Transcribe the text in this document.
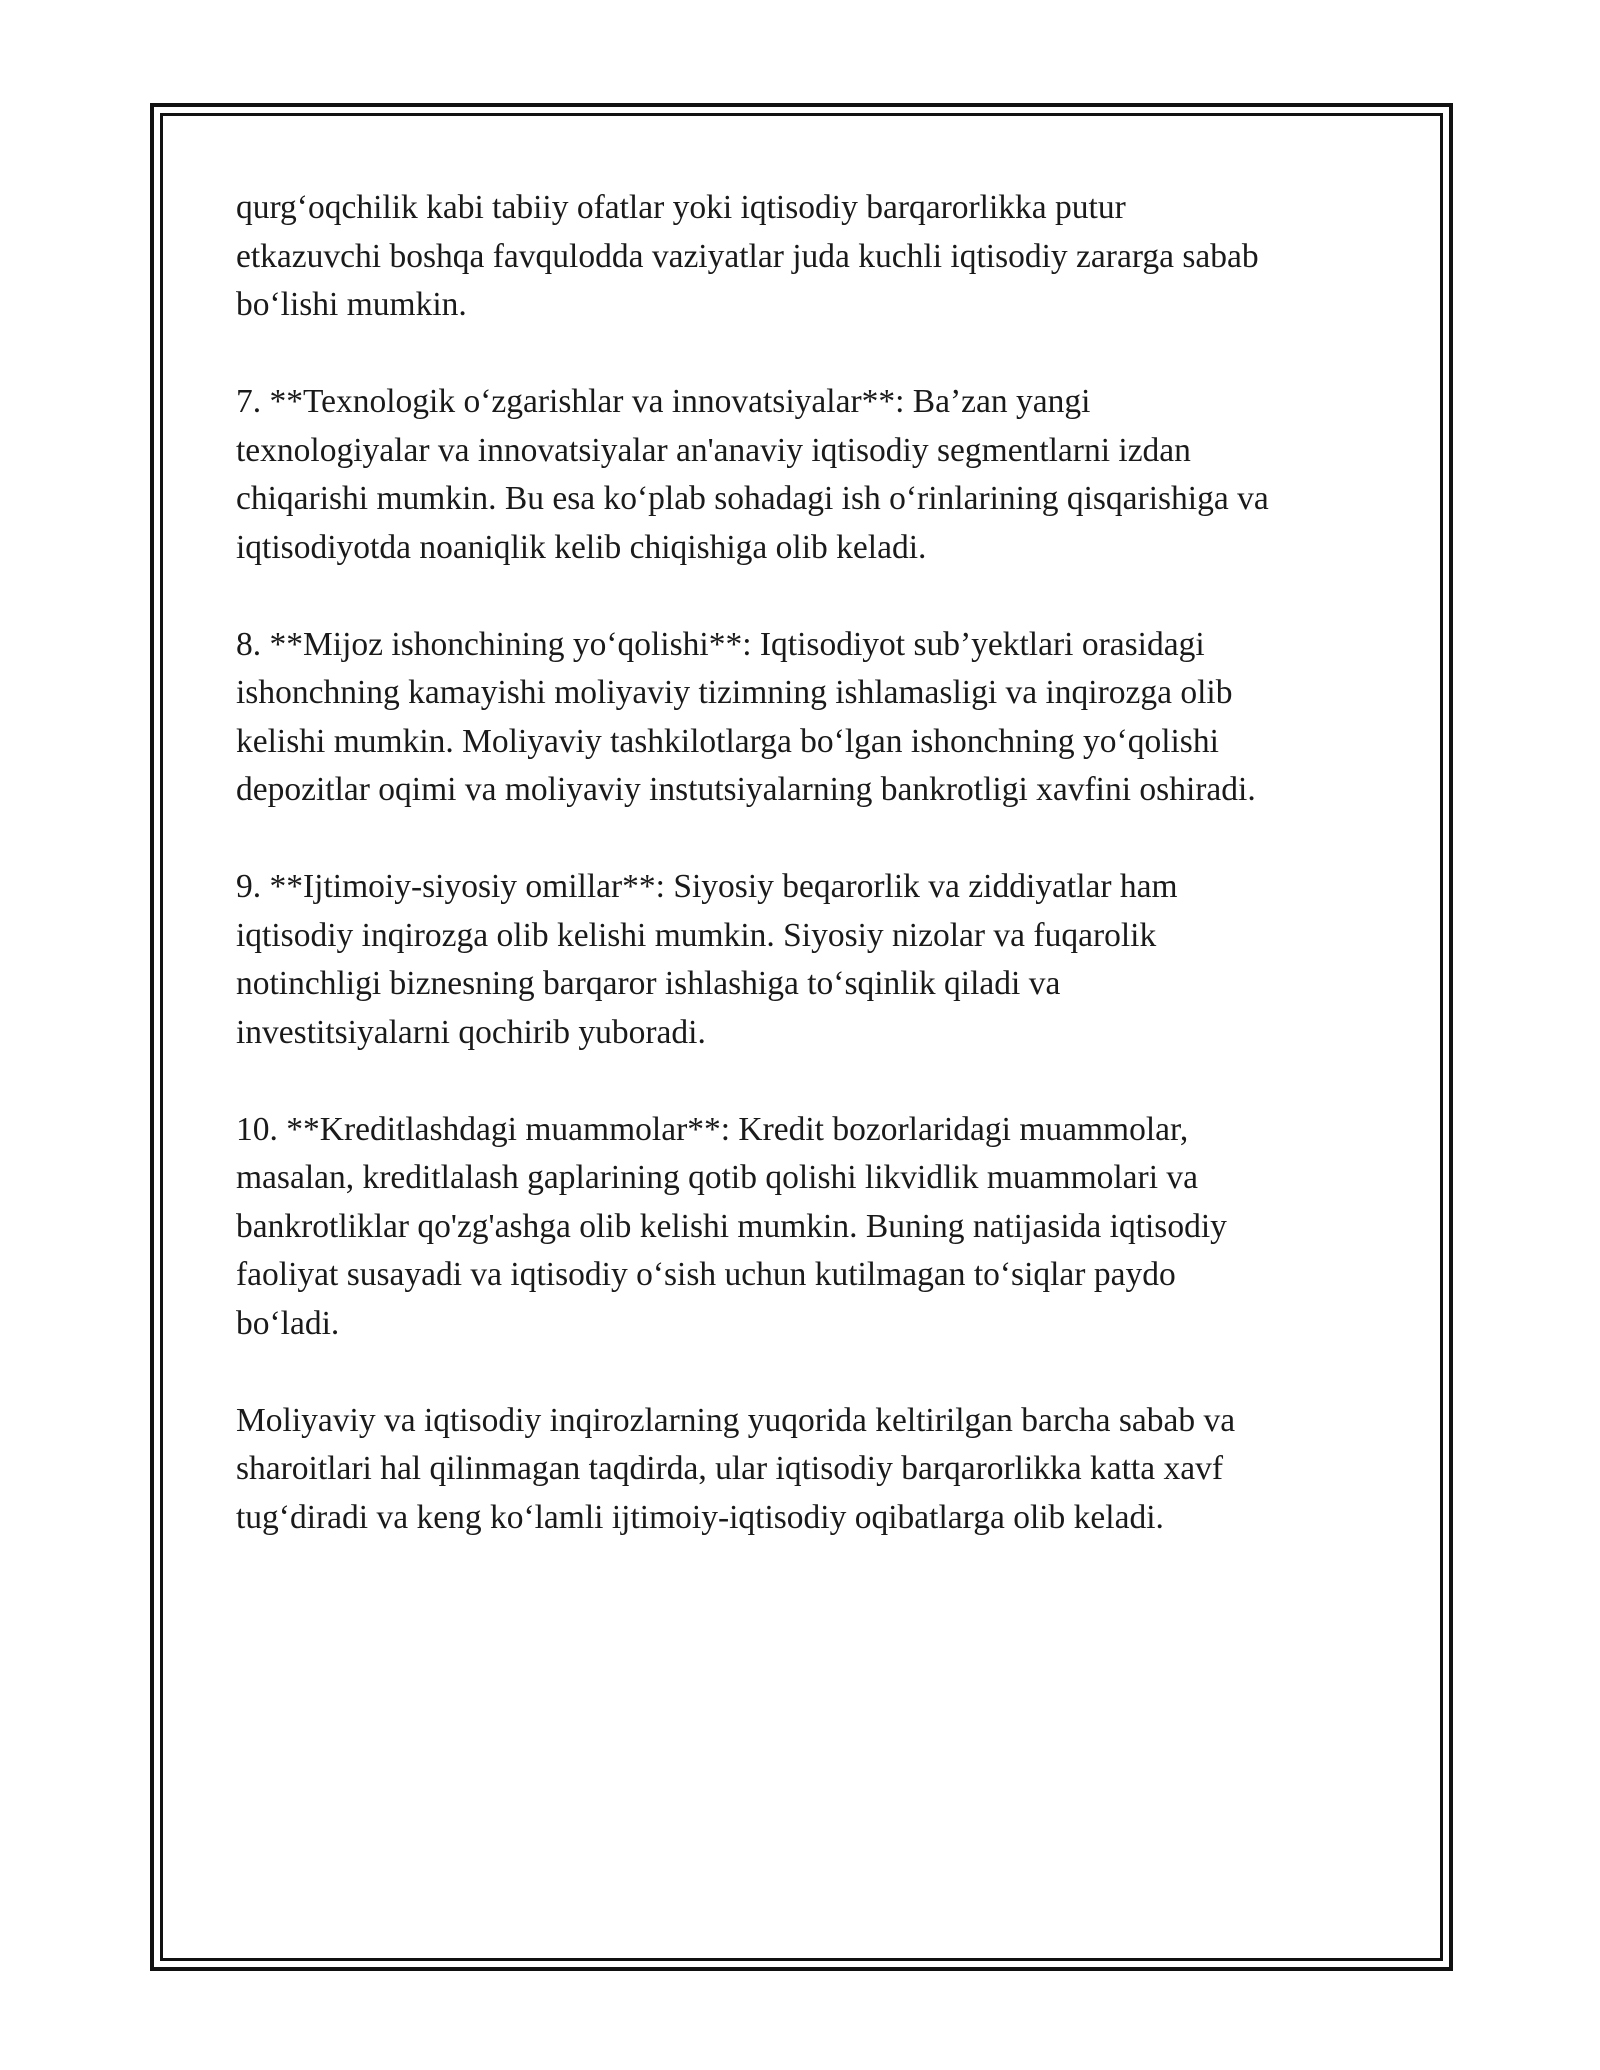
qurg‘oqchilik kabi tabiiy ofatlar yoki iqtisodiy barqarorlikka putur
etkazuvchi boshqa favqulodda vaziyatlar juda kuchli iqtisodiy zararga sabab
bo‘lishi mumkin.

7. **Texnologik o‘zgarishlar va innovatsiyalar**: Ba’zan yangi
texnologiyalar va innovatsiyalar an'anaviy iqtisodiy segmentlarni izdan
chiqarishi mumkin. Bu esa ko‘plab sohadagi ish o‘rinlarining qisqarishiga va
iqtisodiyotda noaniqlik kelib chiqishiga olib keladi.

8. **Mijoz ishonchining yo‘qolishi**: Iqtisodiyot sub’yektlari orasidagi
ishonchning kamayishi moliyaviy tizimning ishlamasligi va inqirozga olib
kelishi mumkin. Moliyaviy tashkilotlarga bo‘lgan ishonchning yo‘qolishi
depozitlar oqimi va moliyaviy instutsiyalarning bankrotligi xavfini oshiradi.

9. **Ijtimoiy-siyosiy omillar**: Siyosiy beqarorlik va ziddiyatlar ham
iqtisodiy inqirozga olib kelishi mumkin. Siyosiy nizolar va fuqarolik
notinchligi biznesning barqaror ishlashiga to‘sqinlik qiladi va
investitsiyalarni qochirib yuboradi.

10. **Kreditlashdagi muammolar**: Kredit bozorlaridagi muammolar,
masalan, kreditlalash gaplarining qotib qolishi likvidlik muammolari va
bankrotliklar qo'zg'ashga olib kelishi mumkin. Buning natijasida iqtisodiy
faoliyat susayadi va iqtisodiy o‘sish uchun kutilmagan to‘siqlar paydo
bo‘ladi.

Moliyaviy va iqtisodiy inqirozlarning yuqorida keltirilgan barcha sabab va
sharoitlari hal qilinmagan taqdirda, ular iqtisodiy barqarorlikka katta xavf
tug‘diradi va keng ko‘lamli ijtimoiy-iqtisodiy oqibatlarga olib keladi.
